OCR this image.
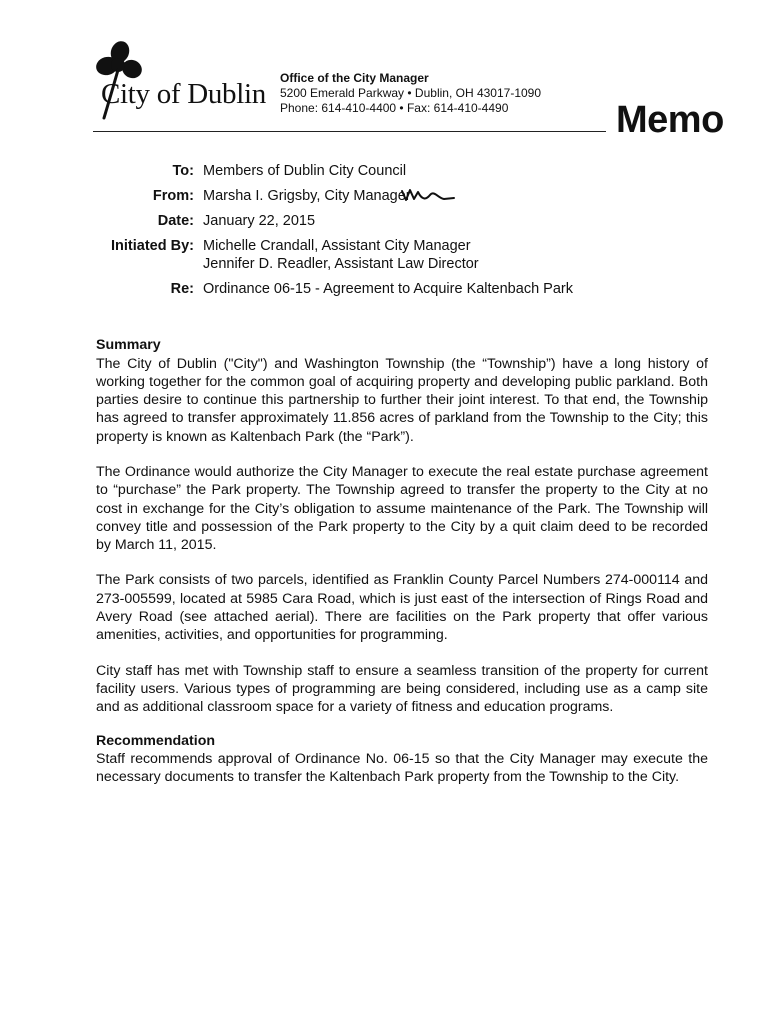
City of Dublin Office of the City Manager
5200 Emerald Parkway • Dublin, OH 43017-1090
Phone: 614-410-4400 • Fax: 614-410-4490	Memo
To: Members of Dublin City Council
From: Marsha I. Grigsby, City Manager
Date: January 22, 2015
Initiated By: Michelle Crandall, Assistant City Manager
Jennifer D. Readler, Assistant Law Director
Re: Ordinance 06-15 - Agreement to Acquire Kaltenbach Park
Summary

The City of Dublin ("City") and Washington Township (the “Township”) have a long history of working together for the common goal of acquiring property and developing public parkland. Both parties desire to continue this partnership to further their joint interest. To that end, the Township has agreed to transfer approximately 11.856 acres of parkland from the Township to the City; this property is known as Kaltenbach Park (the “Park”).

The Ordinance would authorize the City Manager to execute the real estate purchase agreement to “purchase” the Park property. The Township agreed to transfer the property to the City at no cost in exchange for the City’s obligation to assume maintenance of the Park. The Township will convey title and possession of the Park property to the City by a quit claim deed to be recorded by March 11, 2015.

The Park consists of two parcels, identified as Franklin County Parcel Numbers 274-000114 and 273-005599, located at 5985 Cara Road, which is just east of the intersection of Rings Road and Avery Road (see attached aerial). There are facilities on the Park property that offer various amenities, activities, and opportunities for programming.

City staff has met with Township staff to ensure a seamless transition of the property for current facility users. Various types of programming are being considered, including use as a camp site and as additional classroom space for a variety of fitness and education programs.

Recommendation

Staff recommends approval of Ordinance No. 06-15 so that the City Manager may execute the necessary documents to transfer the Kaltenbach Park property from the Township to the City.
